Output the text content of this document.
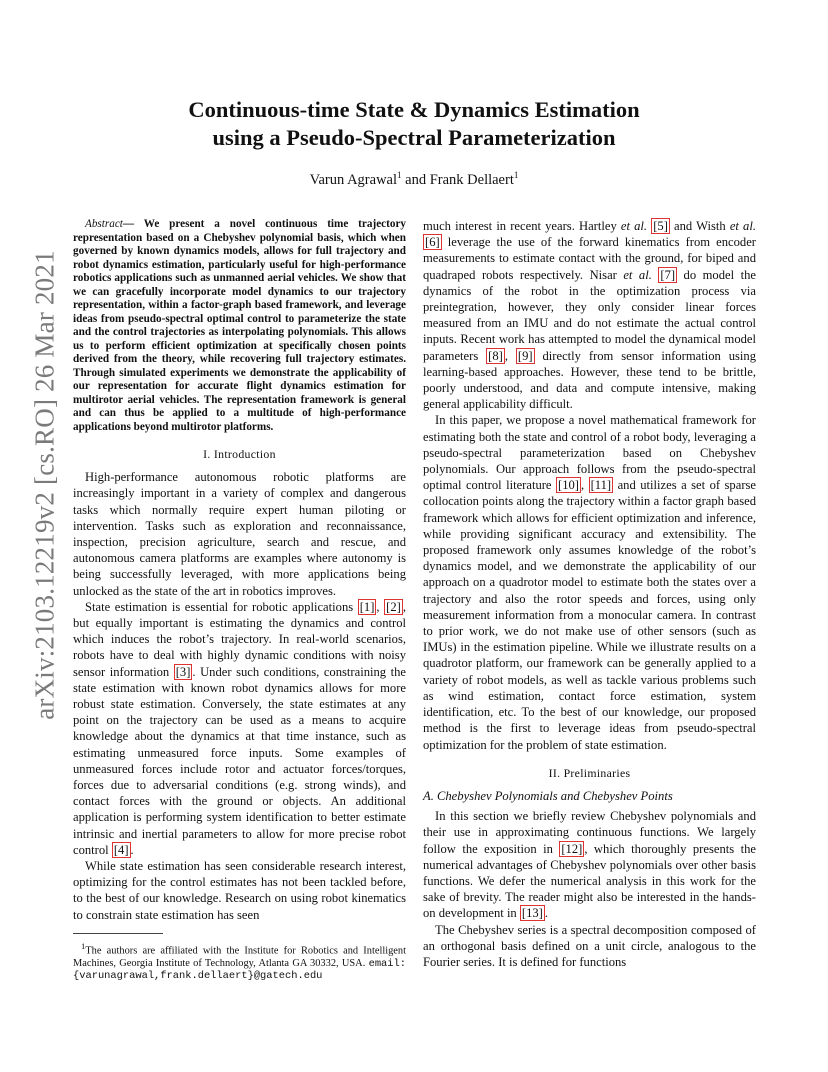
arXiv:2103.12219v2 [cs.RO] 26 Mar 2021
Continuous-time State & Dynamics Estimation
using a Pseudo-Spectral Parameterization
Varun Agrawal$^1$ and Frank Dellaert$^1$

Abstract— We present a novel continuous time trajectory representation based on a Chebyshev polynomial basis, which when governed by known dynamics models, allows for full trajectory and robot dynamics estimation, particularly useful for high-performance robotics applications such as unmanned aerial vehicles. We show that we can gracefully incorporate model dynamics to our trajectory representation, within a factor-graph based framework, and leverage ideas from pseudo-spectral optimal control to parameterize the state and the control trajectories as interpolating polynomials. This allows us to perform efficient optimization at specifically chosen points derived from the theory, while recovering full trajectory estimates. Through simulated experiments we demonstrate the applicability of our representation for accurate flight dynamics estimation for multirotor aerial vehicles. The representation framework is general and can thus be applied to a multitude of high-performance applications beyond multirotor platforms.

I. Introduction

High-performance autonomous robotic platforms are increasingly important in a variety of complex and dangerous tasks which normally require expert human piloting or intervention. Tasks such as exploration and reconnaissance, inspection, precision agriculture, search and rescue, and autonomous camera platforms are examples where autonomy is being successfully leveraged, with more applications being unlocked as the state of the art in robotics improves.

State estimation is essential for robotic applications [1] , [2] , but equally important is estimating the dynamics and control which induces the robot’s trajectory. In real-world scenarios, robots have to deal with highly dynamic conditions with noisy sensor information [3] . Under such conditions, constraining the state estimation with known robot dynamics allows for more robust state estimation. Conversely, the state estimates at any point on the trajectory can be used as a means to acquire knowledge about the dynamics at that time instance, such as estimating unmeasured force inputs. Some examples of unmeasured forces include rotor and actuator forces/torques, forces due to adversarial conditions (e.g. strong winds), and contact forces with the ground or objects. An additional application is performing system identification to better estimate intrinsic and inertial parameters to allow for more precise robot control [4] .

While state estimation has seen considerable research interest, optimizing for the control estimates has not been tackled before, to the best of our knowledge. Research on using robot kinematics to constrain state estimation has seen

$^1$The authors are affiliated with the Institute for Robotics and Intelligent Machines, Georgia Institute of Technology, Atlanta GA 30332, USA. email: {varunagrawal,frank.dellaert}@gatech.edu

much interest in recent years. Hartley et al. [5] and Wisth et al. [6] leverage the use of the forward kinematics from encoder measurements to estimate contact with the ground, for biped and quadraped robots respectively. Nisar et al. [7] do model the dynamics of the robot in the optimization process via preintegration, however, they only consider linear forces measured from an IMU and do not estimate the actual control inputs. Recent work has attempted to model the dynamical model parameters [8] , [9] directly from sensor information using learning-based approaches. However, these tend to be brittle, poorly understood, and data and compute intensive, making general applicability difficult.

In this paper, we propose a novel mathematical framework for estimating both the state and control of a robot body, leveraging a pseudo-spectral parameterization based on Chebyshev polynomials. Our approach follows from the pseudo-spectral optimal control literature [10] , [11] and utilizes a set of sparse collocation points along the trajectory within a factor graph based framework which allows for efficient optimization and inference, while providing significant accuracy and extensibility. The proposed framework only assumes knowledge of the robot’s dynamics model, and we demonstrate the applicability of our approach on a quadrotor model to estimate both the states over a trajectory and also the rotor speeds and forces, using only measurement information from a monocular camera. In contrast to prior work, we do not make use of other sensors (such as IMUs) in the estimation pipeline. While we illustrate results on a quadrotor platform, our framework can be generally applied to a variety of robot models, as well as tackle various problems such as wind estimation, contact force estimation, system identification, etc. To the best of our knowledge, our proposed method is the first to leverage ideas from pseudo-spectral optimization for the problem of state estimation.

II. Preliminaries
A. Chebyshev Polynomials and Chebyshev Points

In this section we briefly review Chebyshev polynomials and their use in approximating continuous functions. We largely follow the exposition in [12] , which thoroughly presents the numerical advantages of Chebyshev polynomials over other basis functions. We defer the numerical analysis in this work for the sake of brevity. The reader might also be interested in the hands-on development in [13] .

The Chebyshev series is a spectral decomposition composed of an orthogonal basis defined on a unit circle, analogous to the Fourier series. It is defined for functions
